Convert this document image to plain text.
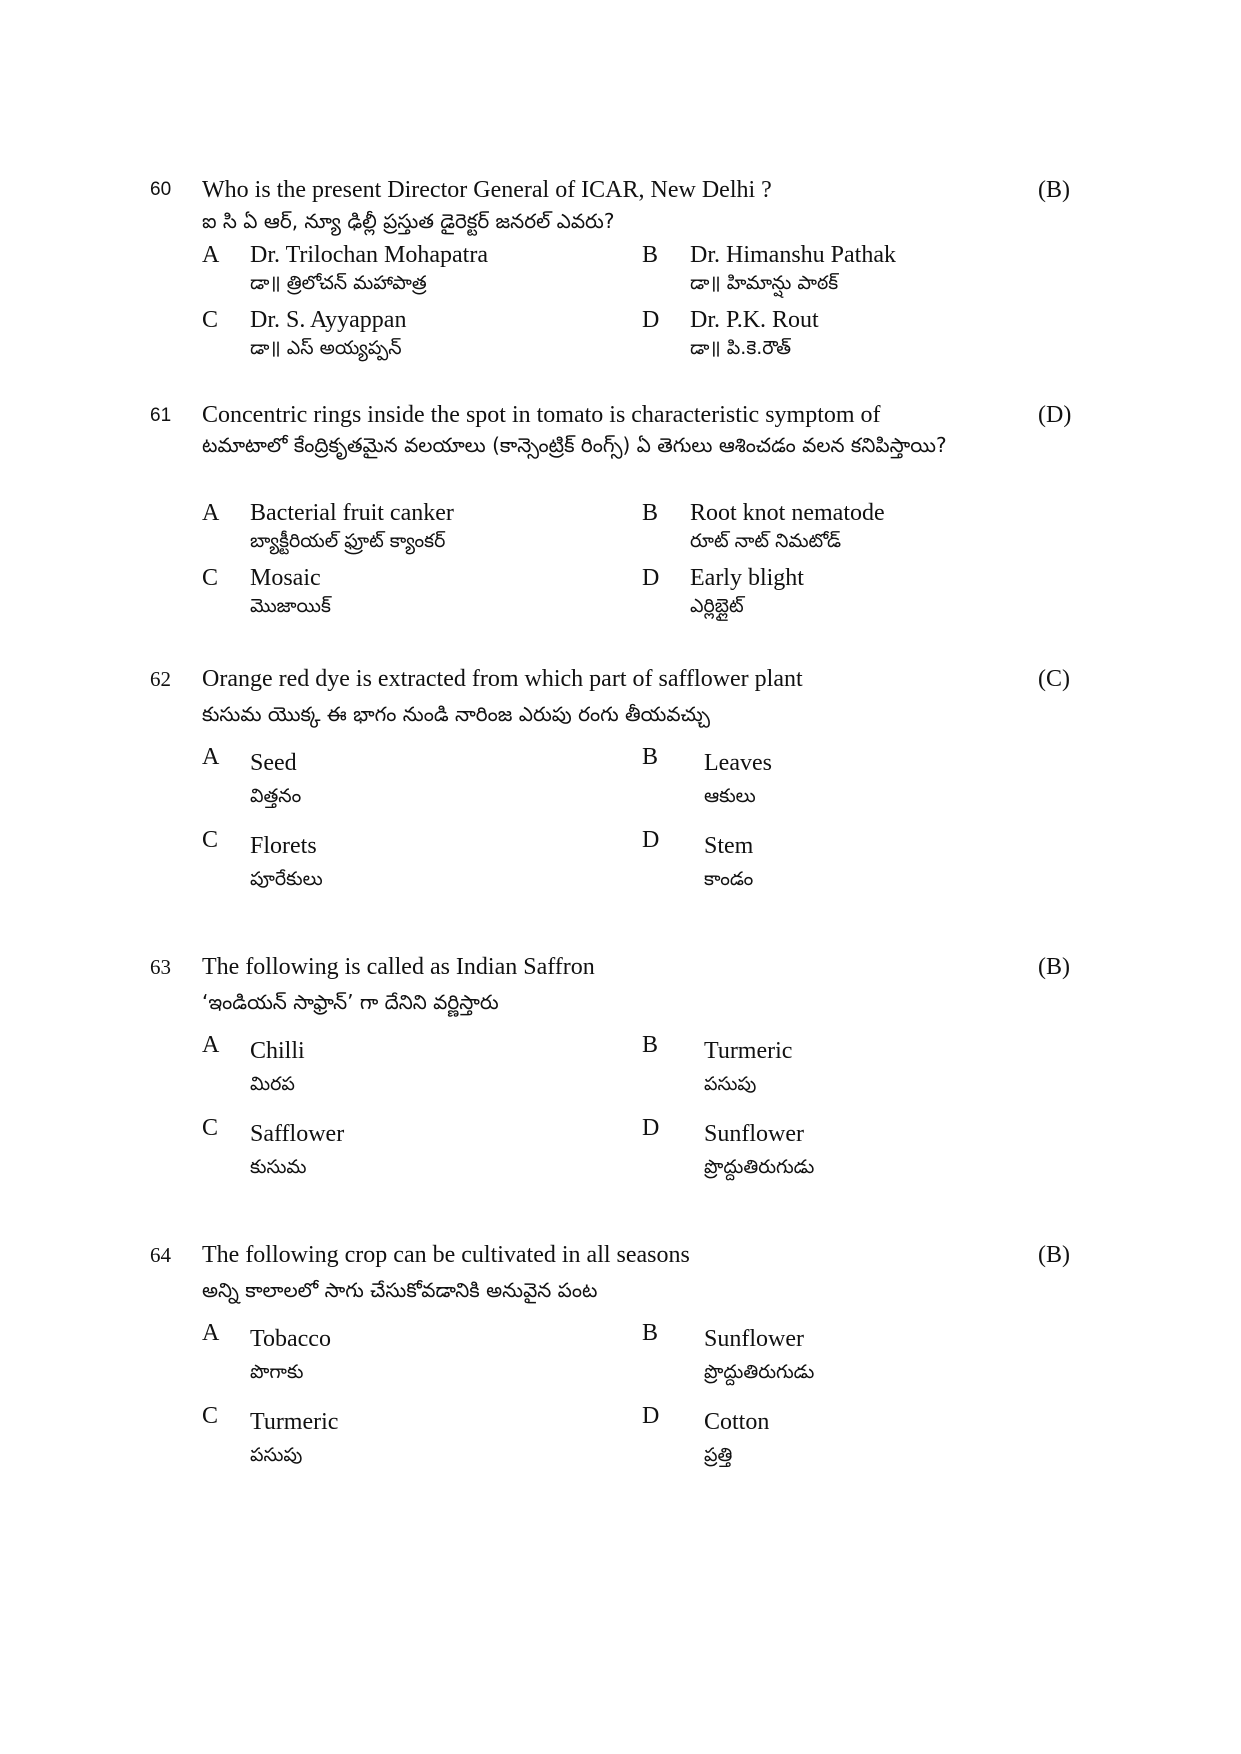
60 Who is the present Director General of ICAR, New Delhi ?
ఐ సి ఏ ఆర్, న్యూ ఢిల్లీ ప్రస్తుత డైరెక్టర్ జనరల్ ఎవరు?
(B)
A Dr. Trilochan Mohapatra
డా॥ త్రిలోచన్ మహాపాత్ర
B Dr. Himanshu Pathak
డా॥ హిమాన్షు పాఠక్
C Dr. S. Ayyappan
డా॥ ఎస్ అయ్యప్పన్
D Dr. P.K. Rout
డా॥ పి.కె.రౌత్
61 Concentric rings inside the spot in tomato is characteristic symptom of
టమాటాలో కేంద్రికృతమైన వలయాలు (కాన్సెంట్రిక్ రింగ్స్) ఏ తెగులు ఆశించడం వలన కనిపిస్తాయి?
(D)
A Bacterial fruit canker
బ్యాక్టీరియల్ ఫ్రూట్ క్యాంకర్
B Root knot nematode
రూట్ నాట్ నిమటోడ్
C Mosaic
మొజాయిక్
D Early blight
ఎర్లిబ్లైట్
62 Orange red dye is extracted from which part of safflower plant
కుసుమ యొక్క ఈ భాగం నుండి నారింజ ఎరుపు రంగు తీయవచ్చు
(C)
A Seed
విత్తనం
B Leaves
ఆకులు
C Florets
పూరేకులు
D Stem
కాండం
63 The following is called as Indian Saffron
‘ఇండియన్ సాఫ్రాన్’ గా దేనిని వర్ణిస్తారు
(B)
A Chilli
మిరప
B Turmeric
పసుపు
C Safflower
కుసుమ
D Sunflower
ప్రొద్దుతిరుగుడు
64 The following crop can be cultivated in all seasons
అన్ని కాలాలలో సాగు చేసుకోవడానికి అనువైన పంట
(B)
A Tobacco
పొగాకు
B Sunflower
ప్రొద్దుతిరుగుడు
C Turmeric
పసుపు
D Cotton
ప్రత్తి
